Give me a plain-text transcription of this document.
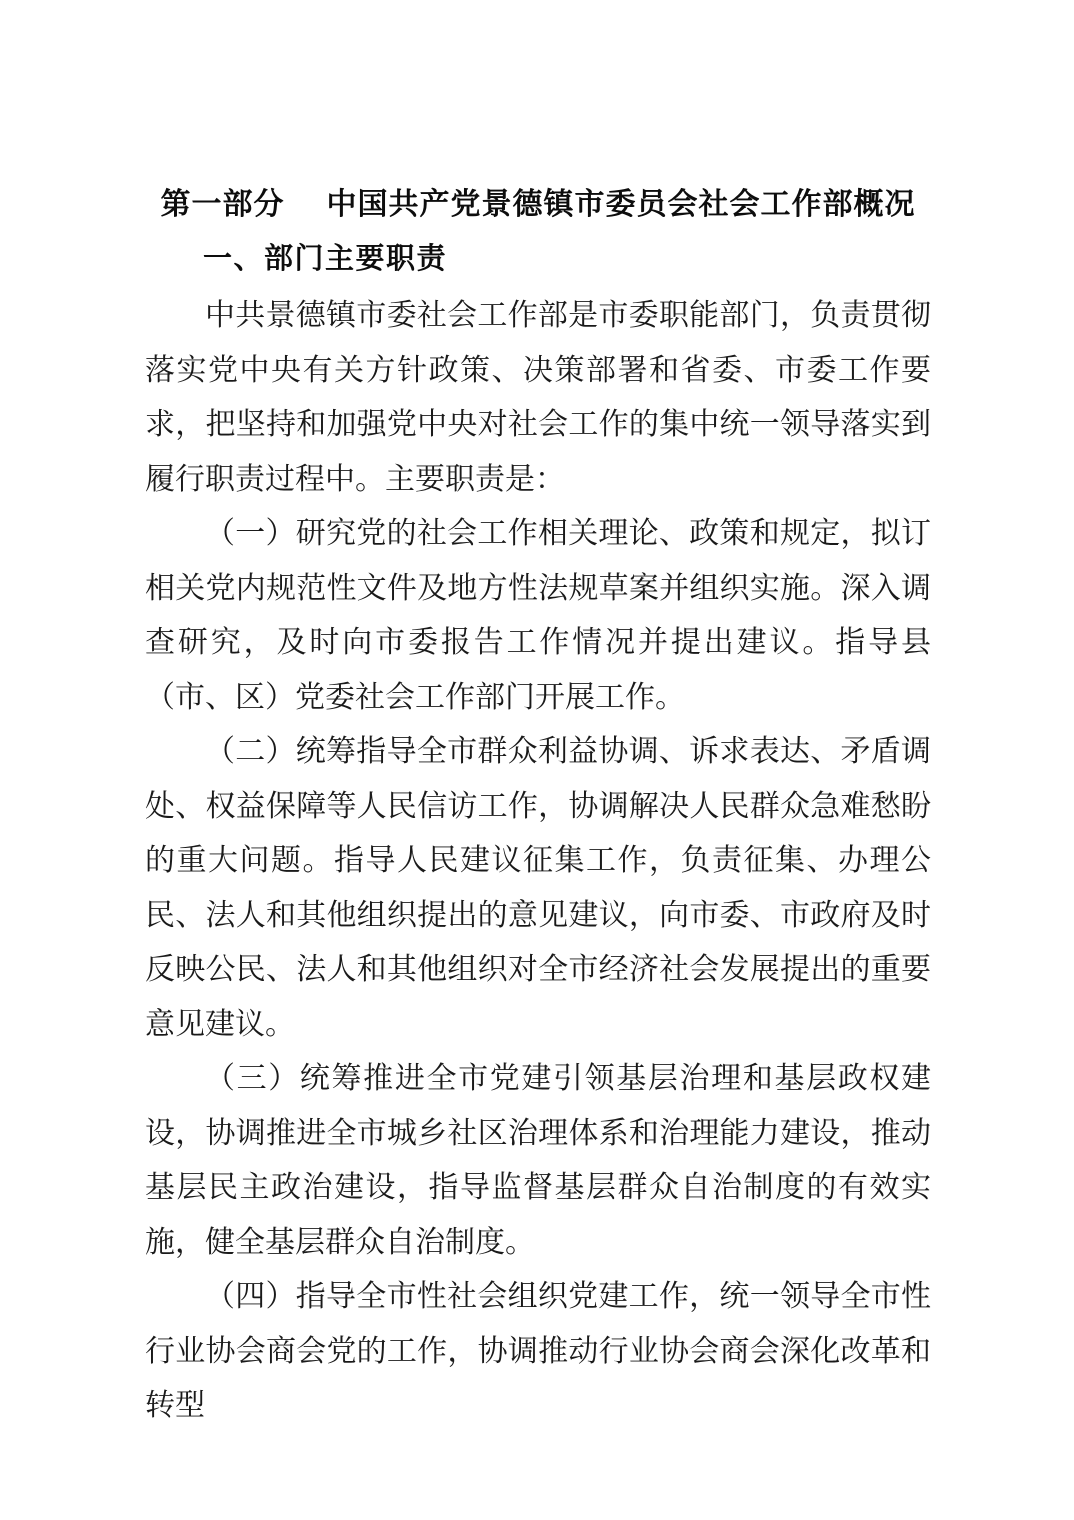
第一部分 中国共产党景德镇市委员会社会工作部概况
一、部门主要职责

中共景德镇市委社会工作部是市委职能部门，负责贯彻落实党中央有关方针政策、决策部署和省委、市委工作要求，把坚持和加强党中央对社会工作的集中统一领导落实到履行职责过程中。主要职责是：

（一）研究党的社会工作相关理论、政策和规定，拟订相关党内规范性文件及地方性法规草案并组织实施。深入调查研究，及时向市委报告工作情况并提出建议。指导县（市、区）党委社会工作部门开展工作。

（二）统筹指导全市群众利益协调、诉求表达、矛盾调处、权益保障等人民信访工作，协调解决人民群众急难愁盼的重大问题。指导人民建议征集工作，负责征集、办理公民、法人和其他组织提出的意见建议，向市委、市政府及时反映公民、法人和其他组织对全市经济社会发展提出的重要意见建议。

（三）统筹推进全市党建引领基层治理和基层政权建设，协调推进全市城乡社区治理体系和治理能力建设，推动基层民主政治建设，指导监督基层群众自治制度的有效实施，健全基层群众自治制度。

（四）指导全市性社会组织党建工作，统一领导全市性行业协会商会党的工作，协调推动行业协会商会深化改革和转型
